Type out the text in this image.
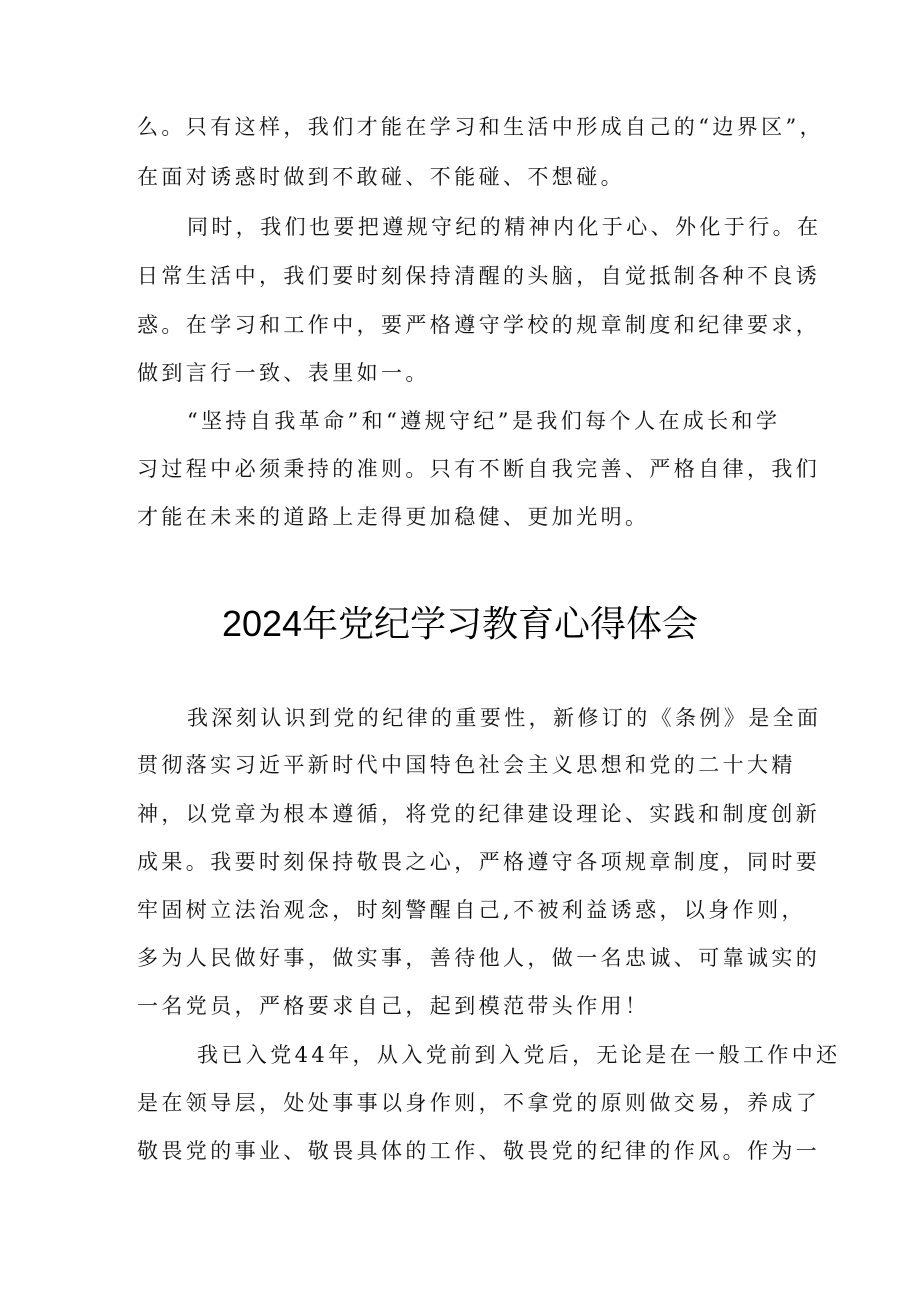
么。只有这样，我们才能在学习和生活中形成自己的“边界区”，
在面对诱惑时做到不敢碰、不能碰、不想碰。
同时，我们也要把遵规守纪的精神内化于心、外化于行。在
日常生活中，我们要时刻保持清醒的头脑，自觉抵制各种不良诱
惑。在学习和工作中，要严格遵守学校的规章制度和纪律要求，
做到言行一致、表里如一。
“坚持自我革命”和“遵规守纪”是我们每个人在成长和学
习过程中必须秉持的准则。只有不断自我完善、严格自律，我们
才能在未来的道路上走得更加稳健、更加光明。
2024年党纪学习教育心得体会
我深刻认识到党的纪律的重要性，新修订的《条例》是全面
贯彻落实习近平新时代中国特色社会主义思想和党的二十大精
神，以党章为根本遵循，将党的纪律建设理论、实践和制度创新
成果。我要时刻保持敬畏之心，严格遵守各项规章制度，同时要
牢固树立法治观念，时刻警醒自己,不被利益诱惑，以身作则，
多为人民做好事，做实事，善待他人，做一名忠诚、可靠诚实的
一名党员，严格要求自己，起到模范带头作用！
我已入党44年，从入党前到入党后，无论是在一般工作中还
是在领导层，处处事事以身作则，不拿党的原则做交易，养成了
敬畏党的事业、敬畏具体的工作、敬畏党的纪律的作风。作为一
